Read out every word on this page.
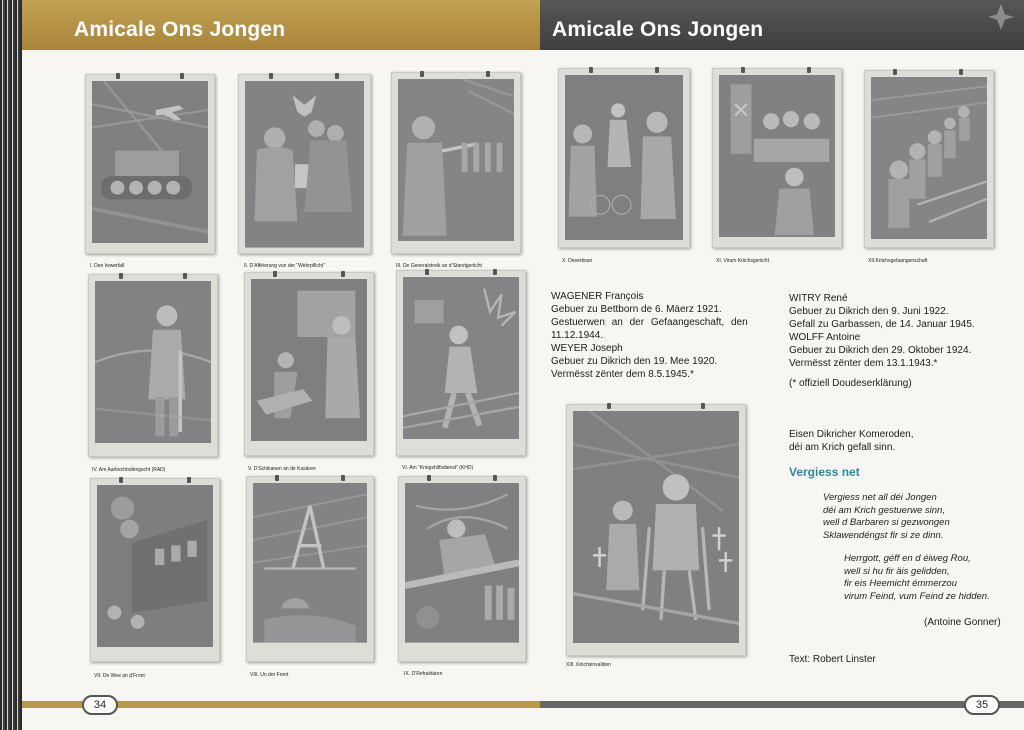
Amicale Ons Jongen
I. Den Iwwerfall	II. D’Afféierung vun der “Wehrpflicht”	III. De Generalstreik an d’Standgeriicht
IV. Am Aarbechtsdéngscht (RAD)	V. D’Schikanen an de Kasären	VI. Am “Kriegshilfsdienst” (KHD)
VII. De Wee an d’Front	VIII. Un der Front	IX. D’Refraktären
34
Amicale Ons Jongen
X. Desertioun	XI. Virum Kriichsgeriicht	XII.Kriichsgefaangenschaft
WAGENER François
Gebuer zu Bettborn de 6. Mäerz 1921.
Gestuerwen an der Gefaangeschaft, den
11.12.1944.
WEYER Joseph
Gebuer zu Dikrich den 19. Mee 1920.
Vermësst zënter dem 8.5.1945.*
WITRY René
Gebuer zu Dikrich den 9. Juni 1922.
Gefall zu Garbassen, de 14. Januar 1945.
WOLFF Antoine
Gebuer zu Dikrich den 29. Oktober 1924.
Vermësst zënter dem 13.1.1943.*
(* offiziell Doudeserklärung)
XIII. Kriichsinvaliden
Eisen Dikricher Komeroden,
déi am Krich gefall sinn.
Vergiess net
Vergiess net all déi Jongen
déi am Krich gestuerwe sinn,
well d Barbaren si gezwongen
Sklawendéngst fir si ze dinn.
Herrgott, géff en d éiweg Rou,
well si hu fir äis gelidden,
fir eis Heemicht émmerzou
virum Feind, vum Feind ze hidden.
(Antoine Gonner)
Text: Robert Linster
35
